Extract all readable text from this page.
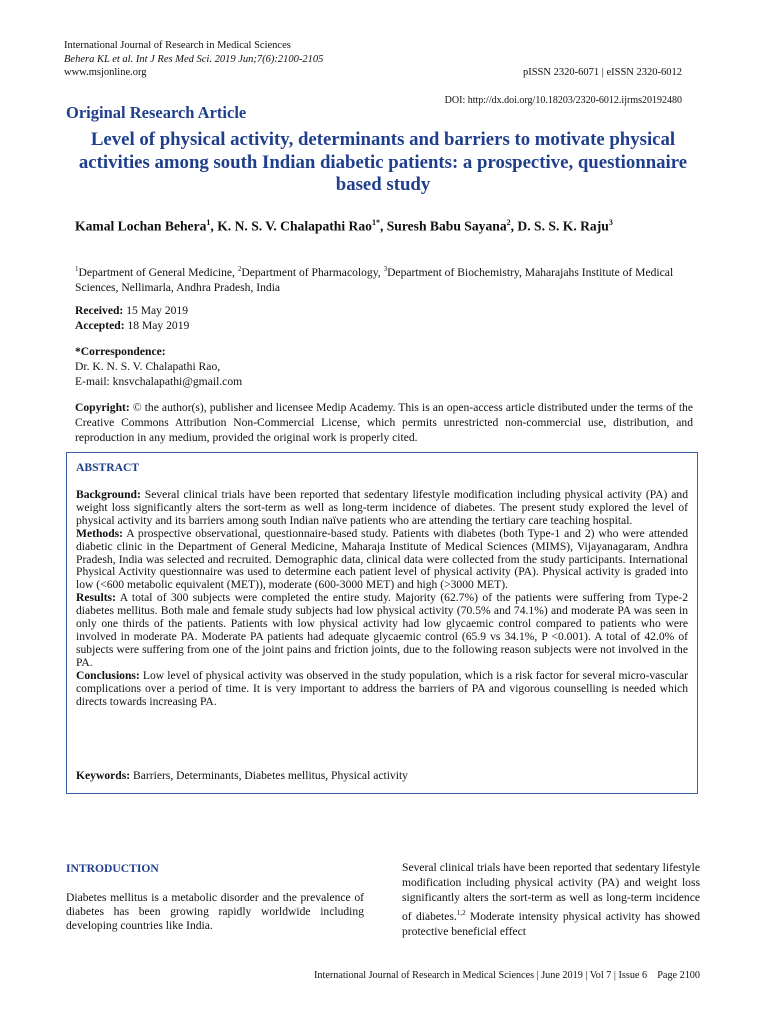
International Journal of Research in Medical Sciences
Behera KL et al. Int J Res Med Sci. 2019 Jun;7(6):2100-2105
www.msjonline.org	pISSN 2320-6071 | eISSN 2320-6012
DOI: http://dx.doi.org/10.18203/2320-6012.ijrms20192480
Original Research Article
Level of physical activity, determinants and barriers to motivate physical activities among south Indian diabetic patients: a prospective, questionnaire based study
Kamal Lochan Behera$^1$, K. N. S. V. Chalapathi Rao$^{1*}$, Suresh Babu Sayana$^2$, D. S. S. K. Raju$^3$
$^1$Department of General Medicine, $^2$Department of Pharmacology, $^3$Department of Biochemistry, Maharajahs Institute of Medical Sciences, Nellimarla, Andhra Pradesh, India
Received: 15 May 2019
Accepted: 18 May 2019
*Correspondence:
Dr. K. N. S. V. Chalapathi Rao,
E-mail: knsvchalapathi@gmail.com
Copyright: © the author(s), publisher and licensee Medip Academy. This is an open-access article distributed under the terms of the Creative Commons Attribution Non-Commercial License, which permits unrestricted non-commercial use, distribution, and reproduction in any medium, provided the original work is properly cited.
ABSTRACT
Background: Several clinical trials have been reported that sedentary lifestyle modification including physical activity (PA) and weight loss significantly alters the sort-term as well as long-term incidence of diabetes. The present study explored the level of physical activity and its barriers among south Indian naïve patients who are attending the tertiary care teaching hospital.
Methods: A prospective observational, questionnaire-based study. Patients with diabetes (both Type-1 and 2) who were attended diabetic clinic in the Department of General Medicine, Maharaja Institute of Medical Sciences (MIMS), Vijayanagaram, Andhra Pradesh, India was selected and recruited. Demographic data, clinical data were collected from the study participants. International Physical Activity questionnaire was used to determine each patient level of physical activity (PA). Physical activity is graded into low (<600 metabolic equivalent (MET)), moderate (600-3000 MET) and high (>3000 MET).
Results: A total of 300 subjects were completed the entire study. Majority (62.7%) of the patients were suffering from Type-2 diabetes mellitus. Both male and female study subjects had low physical activity (70.5% and 74.1%) and moderate PA was seen in only one thirds of the patients. Patients with low physical activity had low glycaemic control compared to patients who were involved in moderate PA. Moderate PA patients had adequate glycaemic control (65.9 vs 34.1%, P <0.001). A total of 42.0% of subjects were suffering from one of the joint pains and friction joints, due to the following reason subjects were not involved in the PA.
Conclusions: Low level of physical activity was observed in the study population, which is a risk factor for several micro-vascular complications over a period of time. It is very important to address the barriers of PA and vigorous counselling is needed which directs towards increasing PA.
Keywords: Barriers, Determinants, Diabetes mellitus, Physical activity
INTRODUCTION
Diabetes mellitus is a metabolic disorder and the prevalence of diabetes has been growing rapidly worldwide including developing countries like India.
Several clinical trials have been reported that sedentary lifestyle modification including physical activity (PA) and weight loss significantly alters the sort-term as well as long-term incidence of diabetes.$^{1,2}$ Moderate intensity physical activity has showed protective beneficial effect
International Journal of Research in Medical Sciences | June 2019 | Vol 7 | Issue 6    Page 2100
